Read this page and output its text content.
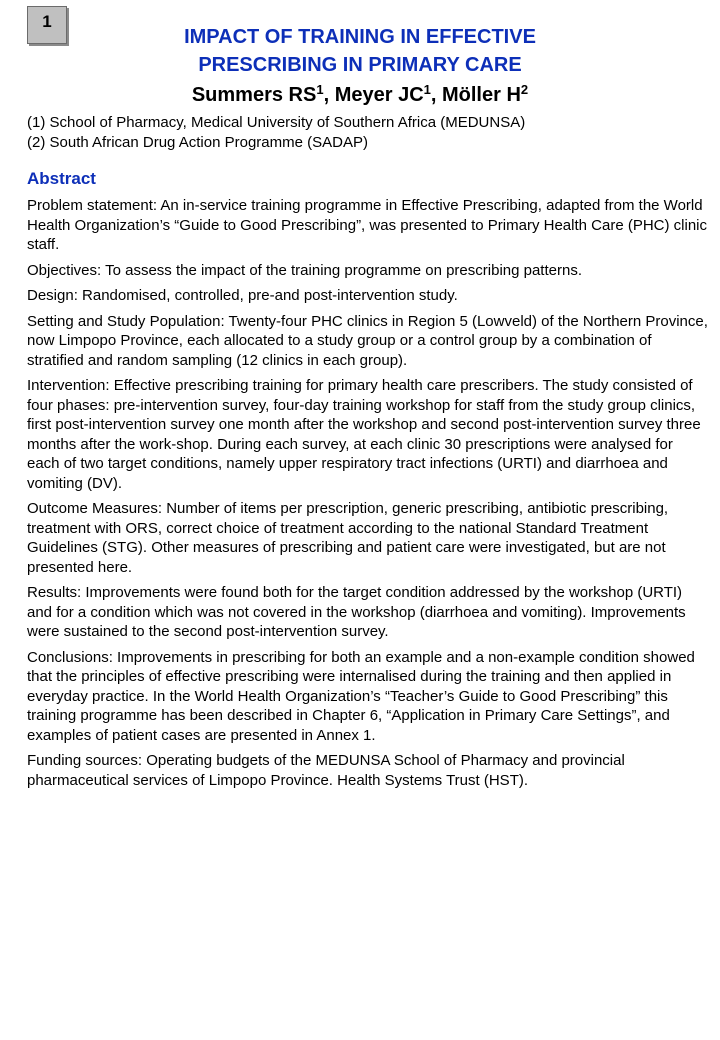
1
IMPACT OF TRAINING IN EFFECTIVE
PRESCRIBING IN PRIMARY CARE
Summers $RS^1$, Meyer $JC^1$, Möller $H^2$
(1) School of Pharmacy, Medical University of Southern Africa (MEDUNSA)
(2) South African Drug Action Programme (SADAP)
Abstract

Problem statement: An in-service training programme in Effective Prescribing, adapted from the World Health Organization’s “Guide to Good Prescribing”, was presented to Primary Health Care (PHC) clinic staff.

Objectives: To assess the impact of the training programme on prescribing patterns.

Design: Randomised, controlled, pre-and post-intervention study.

Setting and Study Population: Twenty-four PHC clinics in Region 5 (Lowveld) of the Northern Province, now Limpopo Province, each allocated to a study group or a control group by a combination of stratified and random sampling (12 clinics in each group).

Intervention: Effective prescribing training for primary health care prescribers. The study consisted of four phases: pre-intervention survey, four-day training workshop for staff from the study group clinics, first post-intervention survey one month after the workshop and second post-intervention survey three months after the work-shop. During each survey, at each clinic 30 prescriptions were analysed for each of two target conditions, namely upper respiratory tract infections (URTI) and diarrhoea and vomiting (DV).

Outcome Measures: Number of items per prescription, generic prescribing, antibiotic prescribing, treatment with ORS, correct choice of treatment according to the national Standard Treatment Guidelines (STG). Other measures of prescribing and patient care were investigated, but are not presented here.

Results: Improvements were found both for the target condition addressed by the workshop (URTI) and for a condition which was not covered in the workshop (diarrhoea and vomiting). Improvements were sustained to the second post-intervention survey.

Conclusions: Improvements in prescribing for both an example and a non-example condition showed that the principles of effective prescribing were internalised during the training and then applied in everyday practice. In the World Health Organization’s “Teacher’s Guide to Good Prescribing” this training programme has been described in Chapter 6, “Application in Primary Care Settings”, and examples of patient cases are presented in Annex 1.

Funding sources: Operating budgets of the MEDUNSA School of Pharmacy and provincial pharmaceutical services of Limpopo Province. Health Systems Trust (HST).
